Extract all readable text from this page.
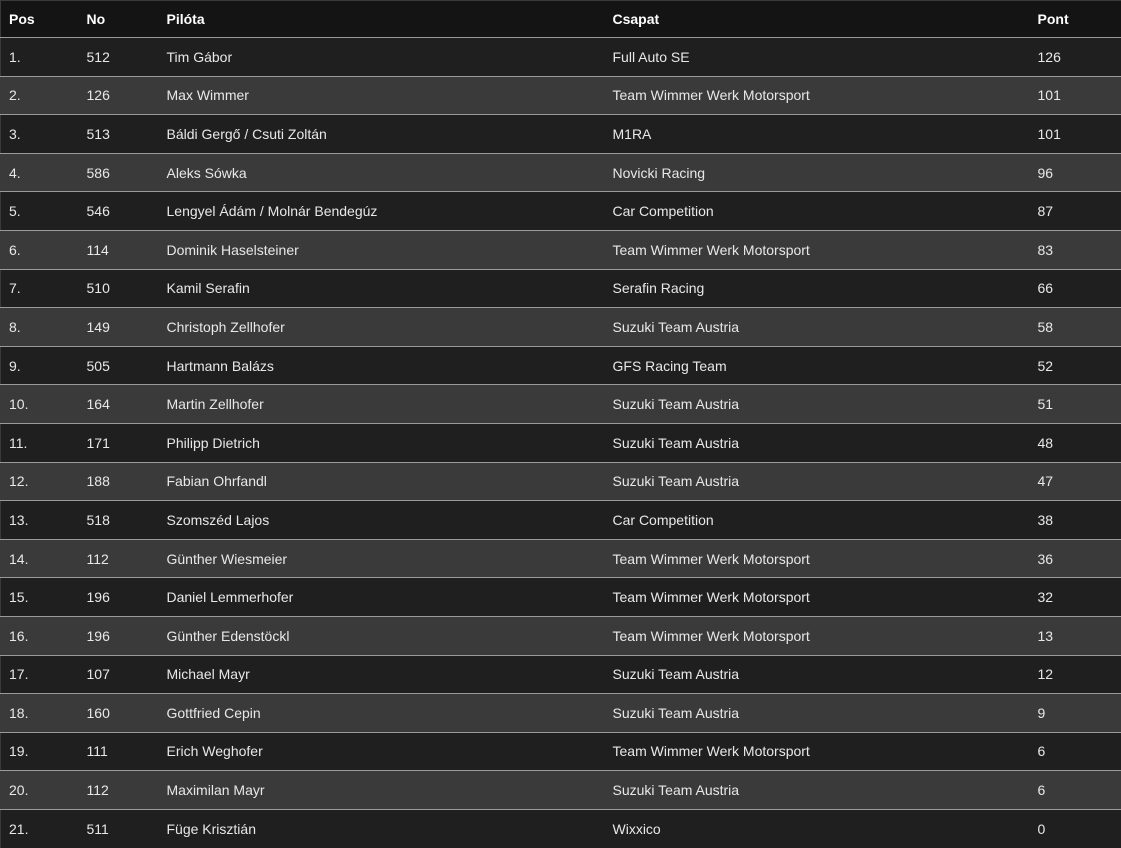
Pos	No	Pilóta	Csapat	Pont
1.	512	Tim Gábor	Full Auto SE	126
2.	126	Max Wimmer	Team Wimmer Werk Motorsport	101
3.	513	Báldi Gergő / Csuti Zoltán	M1RA	101
4.	586	Aleks Sówka	Novicki Racing	96
5.	546	Lengyel Ádám / Molnár Bendegúz	Car Competition	87
6.	114	Dominik Haselsteiner	Team Wimmer Werk Motorsport	83
7.	510	Kamil Serafin	Serafin Racing	66
8.	149	Christoph Zellhofer	Suzuki Team Austria	58
9.	505	Hartmann Balázs	GFS Racing Team	52
10.	164	Martin Zellhofer	Suzuki Team Austria	51
11.	171	Philipp Dietrich	Suzuki Team Austria	48
12.	188	Fabian Ohrfandl	Suzuki Team Austria	47
13.	518	Szomszéd Lajos	Car Competition	38
14.	112	Günther Wiesmeier	Team Wimmer Werk Motorsport	36
15.	196	Daniel Lemmerhofer	Team Wimmer Werk Motorsport	32
16.	196	Günther Edenstöckl	Team Wimmer Werk Motorsport	13
17.	107	Michael Mayr	Suzuki Team Austria	12
18.	160	Gottfried Cepin	Suzuki Team Austria	9
19.	111	Erich Weghofer	Team Wimmer Werk Motorsport	6
20.	112	Maximilan Mayr	Suzuki Team Austria	6
21.	511	Füge Krisztián	Wixxico	0
